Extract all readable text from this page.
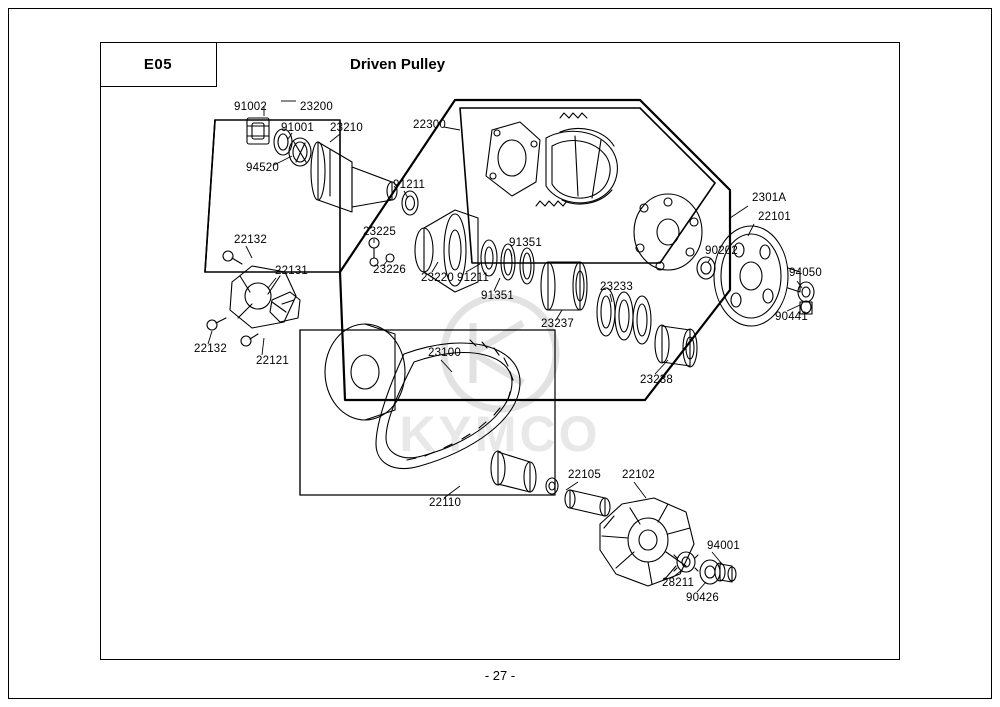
E05	Driven Pulley
KYMCO
91002	23200
91001 23210
94520
22300
91211
2301A
22101
90202
94050
90441
23225
23226
23220 91211
91351
91351
23233
23237
23238
22132
22131
22132
22121
23100
22110
22105 22102
94001
28211
90426
- 27 -
